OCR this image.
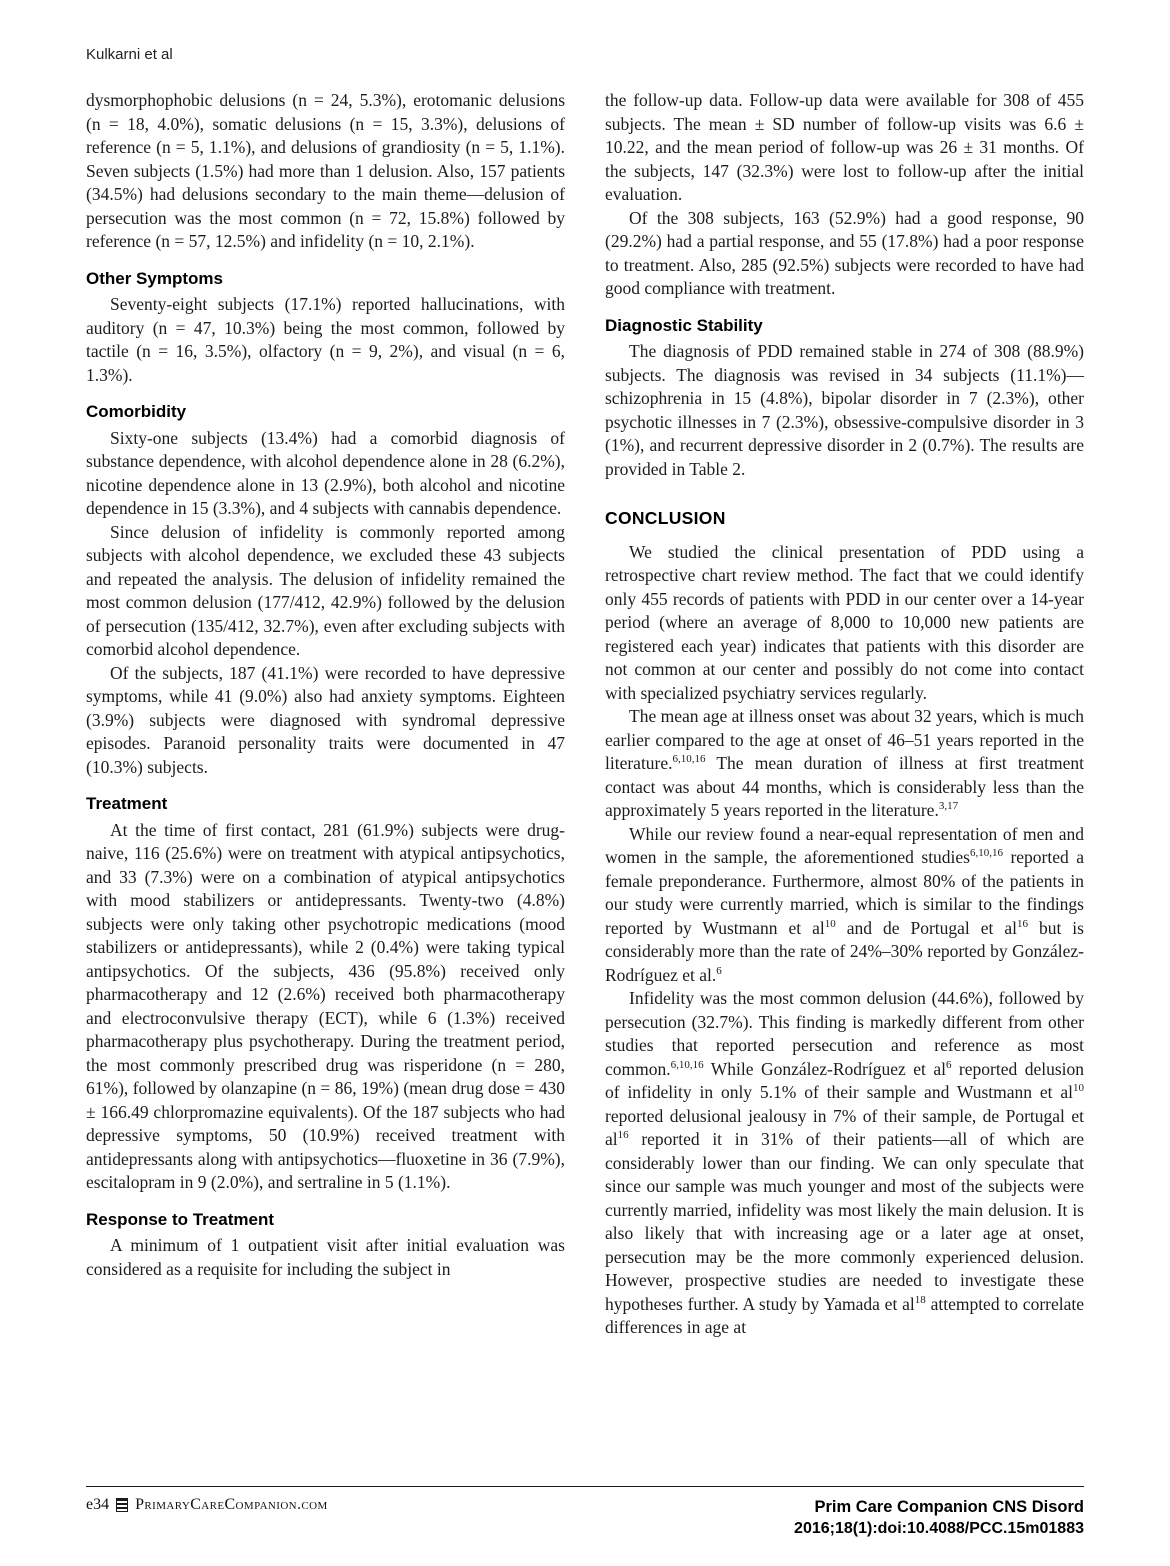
Kulkarni et al

dysmorphophobic delusions (n = 24, 5.3%), erotomanic delusions (n = 18, 4.0%), somatic delusions (n = 15, 3.3%), delusions of reference (n = 5, 1.1%), and delusions of grandiosity (n = 5, 1.1%). Seven subjects (1.5%) had more than 1 delusion. Also, 157 patients (34.5%) had delusions secondary to the main theme—delusion of persecution was the most common (n = 72, 15.8%) followed by reference (n = 57, 12.5%) and infidelity (n = 10, 2.1%).

Other Symptoms

Seventy-eight subjects (17.1%) reported hallucinations, with auditory (n = 47, 10.3%) being the most common, followed by tactile (n = 16, 3.5%), olfactory (n = 9, 2%), and visual (n = 6, 1.3%).

Comorbidity

Sixty-one subjects (13.4%) had a comorbid diagnosis of substance dependence, with alcohol dependence alone in 28 (6.2%), nicotine dependence alone in 13 (2.9%), both alcohol and nicotine dependence in 15 (3.3%), and 4 subjects with cannabis dependence.

Since delusion of infidelity is commonly reported among subjects with alcohol dependence, we excluded these 43 subjects and repeated the analysis. The delusion of infidelity remained the most common delusion (177/412, 42.9%) followed by the delusion of persecution (135/412, 32.7%), even after excluding subjects with comorbid alcohol dependence.

Of the subjects, 187 (41.1%) were recorded to have depressive symptoms, while 41 (9.0%) also had anxiety symptoms. Eighteen (3.9%) subjects were diagnosed with syndromal depressive episodes. Paranoid personality traits were documented in 47 (10.3%) subjects.

Treatment

At the time of first contact, 281 (61.9%) subjects were drug-naive, 116 (25.6%) were on treatment with atypical antipsychotics, and 33 (7.3%) were on a combination of atypical antipsychotics with mood stabilizers or antidepressants. Twenty-two (4.8%) subjects were only taking other psychotropic medications (mood stabilizers or antidepressants), while 2 (0.4%) were taking typical antipsychotics. Of the subjects, 436 (95.8%) received only pharmacotherapy and 12 (2.6%) received both pharmacotherapy and electroconvulsive therapy (ECT), while 6 (1.3%) received pharmacotherapy plus psychotherapy. During the treatment period, the most commonly prescribed drug was risperidone (n = 280, 61%), followed by olanzapine (n = 86, 19%) (mean drug dose = 430 ± 166.49 chlorpromazine equivalents). Of the 187 subjects who had depressive symptoms, 50 (10.9%) received treatment with antidepressants along with antipsychotics—fluoxetine in 36 (7.9%), escitalopram in 9 (2.0%), and sertraline in 5 (1.1%).

Response to Treatment

A minimum of 1 outpatient visit after initial evaluation was considered as a requisite for including the subject in

the follow-up data. Follow-up data were available for 308 of 455 subjects. The mean ± SD number of follow-up visits was 6.6 ± 10.22, and the mean period of follow-up was 26 ± 31 months. Of the subjects, 147 (32.3%) were lost to follow-up after the initial evaluation.

Of the 308 subjects, 163 (52.9%) had a good response, 90 (29.2%) had a partial response, and 55 (17.8%) had a poor response to treatment. Also, 285 (92.5%) subjects were recorded to have had good compliance with treatment.

Diagnostic Stability

The diagnosis of PDD remained stable in 274 of 308 (88.9%) subjects. The diagnosis was revised in 34 subjects (11.1%)—schizophrenia in 15 (4.8%), bipolar disorder in 7 (2.3%), other psychotic illnesses in 7 (2.3%), obsessive-compulsive disorder in 3 (1%), and recurrent depressive disorder in 2 (0.7%). The results are provided in Table 2.

CONCLUSION

We studied the clinical presentation of PDD using a retrospective chart review method. The fact that we could identify only 455 records of patients with PDD in our center over a 14-year period (where an average of 8,000 to 10,000 new patients are registered each year) indicates that patients with this disorder are not common at our center and possibly do not come into contact with specialized psychiatry services regularly.

The mean age at illness onset was about 32 years, which is much earlier compared to the age at onset of 46–51 years reported in the literature.$^{6,10,16}$ The mean duration of illness at first treatment contact was about 44 months, which is considerably less than the approximately 5 years reported in the literature.$^{3,17}$

While our review found a near-equal representation of men and women in the sample, the aforementioned studies$^{6,10,16}$ reported a female preponderance. Furthermore, almost 80% of the patients in our study were currently married, which is similar to the findings reported by Wustmann et $al^{10}$ and de Portugal et $al^{16}$ but is considerably more than the rate of 24%–30% reported by González-Rodríguez et al.$^6$

Infidelity was the most common delusion (44.6%), followed by persecution (32.7%). This finding is markedly different from other studies that reported persecution and reference as most common.$^{6,10,16}$ While González-Rodríguez et $al^6$ reported delusion of infidelity in only 5.1% of their sample and Wustmann et $al^{10}$ reported delusional jealousy in 7% of their sample, de Portugal et $al^{16}$ reported it in 31% of their patients—all of which are considerably lower than our finding. We can only speculate that since our sample was much younger and most of the subjects were currently married, infidelity was most likely the main delusion. It is also likely that with increasing age or a later age at onset, persecution may be the more commonly experienced delusion. However, prospective studies are needed to investigate these hypotheses further. A study by Yamada et $al^{18}$ attempted to correlate differences in age at

e34 PrimaryCareCompanion.com	Prim Care Companion CNS Disord
2016;18(1):doi:10.4088/PCC.15m01883
